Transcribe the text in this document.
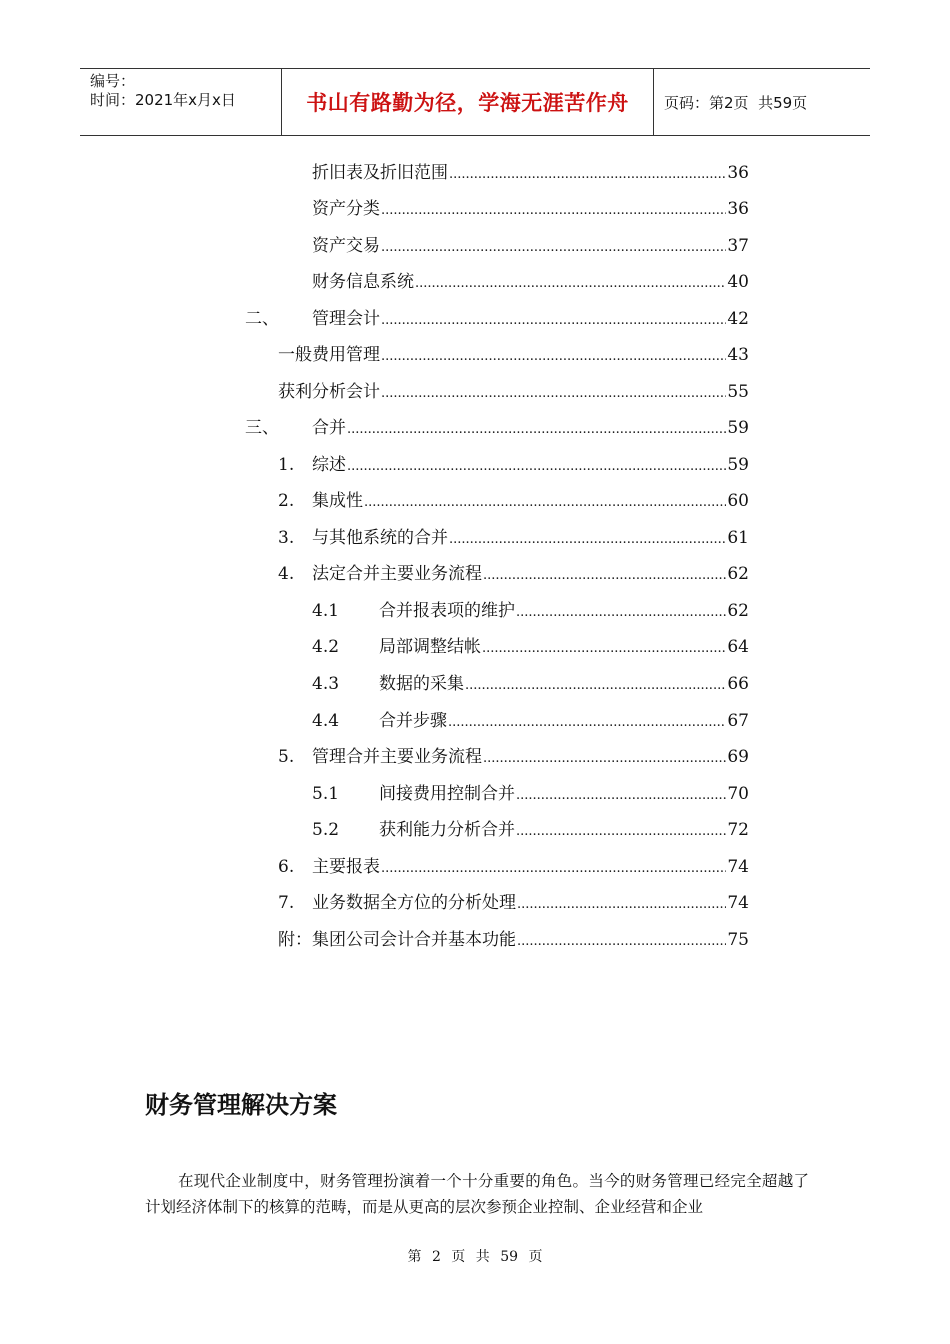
编号：
时间：2021年x月x日	书山有路勤为径，学海无涯苦作舟 页码：第2页  共59页
折旧表及折旧范围 .....	36
资产分类 .....	36
资产交易 .....	37
财务信息系统 .....	40
二、	管理会计 .....	42
一般费用管理 .....	43
获利分析会计 .....	55
三、	合并 .....	59
1.	综述 .....	59
2.	集成性 .....	60
3.	与其他系统的合并 .....	61
4.	法定合并主要业务流程 .....	62
4.1	合并报表项的维护 .....	62
4.2	局部调整结帐 .....	64
4.3	数据的采集 .....	66
4.4	合并步骤 .....	67
5.	管理合并主要业务流程 .....	69
5.1	间接费用控制合并 .....	70
5.2	获利能力分析合并 .....	72
6.	主要报表 .....	74
7.	业务数据全方位的分析处理 .....	74
附：集团公司会计合并基本功能 .....	75
财务管理解决方案

在现代企业制度中，财务管理扮演着一个十分重要的角色。当今的财务管理已经完全超越了计划经济体制下的核算的范畴，而是从更高的层次参预企业控制、企业经营和企业

第 2 页 共 59 页
